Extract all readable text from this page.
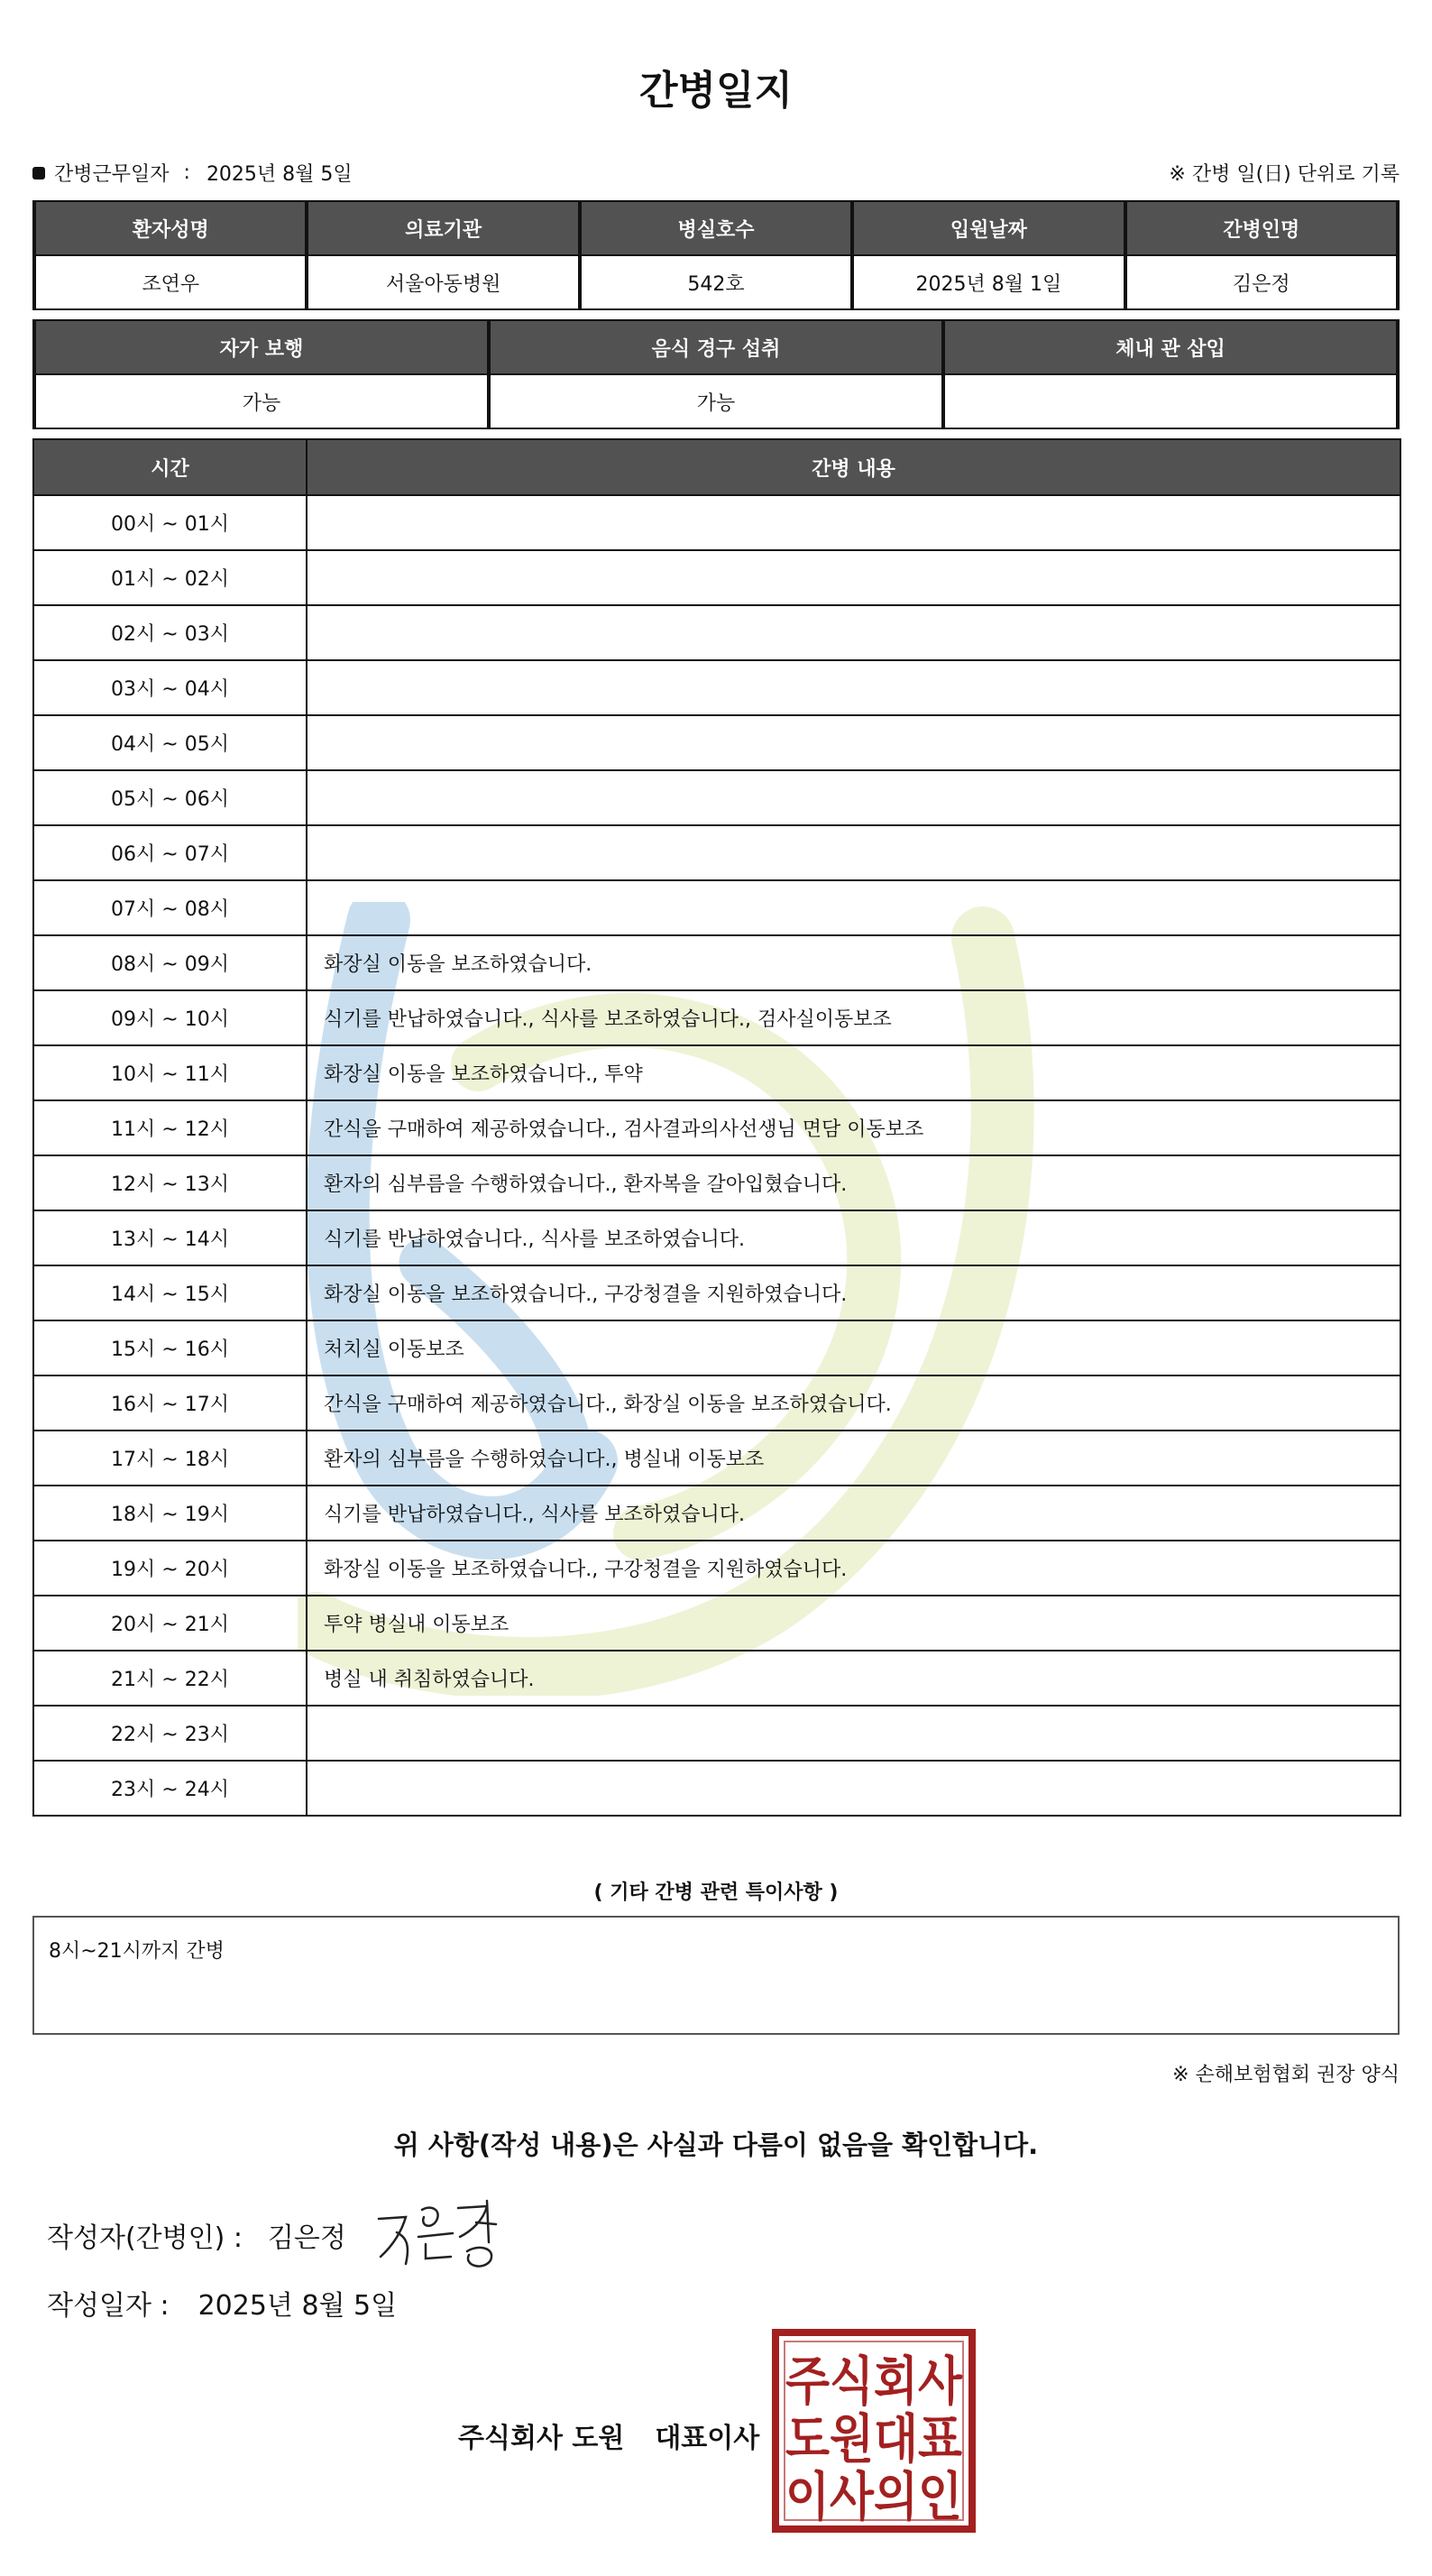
간병일지
간병근무일자 : 2025년 8월 5일	※ 간병 일(日) 단위로 기록
환자성명	의료기관	병실호수	입원날짜	간병인명
조연우	서울아동병원	542호	2025년 8월 1일	김은정
자가 보행	음식 경구 섭취	체내 관 삽입
가능	가능	
시간	간병 내용
00시 ~ 01시	
01시 ~ 02시	
02시 ~ 03시	
03시 ~ 04시	
04시 ~ 05시	
05시 ~ 06시	
06시 ~ 07시	
07시 ~ 08시	
08시 ~ 09시	화장실 이동을 보조하였습니다.
09시 ~ 10시	식기를 반납하였습니다., 식사를 보조하였습니다., 검사실이동보조
10시 ~ 11시	화장실 이동을 보조하였습니다., 투약
11시 ~ 12시	간식을 구매하여 제공하였습니다., 검사결과의사선생님 면담 이동보조
12시 ~ 13시	환자의 심부름을 수행하였습니다., 환자복을 갈아입혔습니다.
13시 ~ 14시	식기를 반납하였습니다., 식사를 보조하였습니다.
14시 ~ 15시	화장실 이동을 보조하였습니다., 구강청결을 지원하였습니다.
15시 ~ 16시	처치실 이동보조
16시 ~ 17시	간식을 구매하여 제공하였습니다., 화장실 이동을 보조하였습니다.
17시 ~ 18시	환자의 심부름을 수행하였습니다., 병실내 이동보조
18시 ~ 19시	식기를 반납하였습니다., 식사를 보조하였습니다.
19시 ~ 20시	화장실 이동을 보조하였습니다., 구강청결을 지원하였습니다.
20시 ~ 21시	투약 병실내 이동보조
21시 ~ 22시	병실 내 취침하였습니다.
22시 ~ 23시	
23시 ~ 24시	
( 기타 간병 관련 특이사항 )
8시~21시까지 간병
※ 손해보험협회 권장 양식
위 사항(작성 내용)은 사실과 다름이 없음을 확인합니다.
작성자(간병인) : 김은정
작성일자 : 2025년 8월 5일
주식회사 도원 대표이사
주식회사
도원대표
이사의인
